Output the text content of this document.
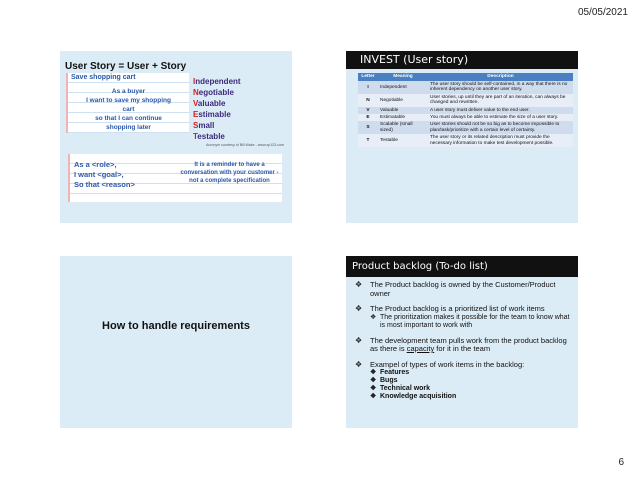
05/05/2021
User Story = User + Story
Save shopping cart
As a buyer
I want to save my shopping
cart
so that I can continue
shopping later
Independent
Negotiable
Valuable
Estimable
Small
Testable
Acronym courtesy of Bill Wake - www.xp123.com
As a <role>,
I want <goal>,
So that <reason>
It is a reminder to have a conversation with your customer - not a complete specification
INVEST (User story)
Letter	Meaning	Description
I	Independent	The user story should be self-contained, in a way that there is no inherent dependency on another user story.
N	Negotiable	User stories, up until they are part of an iteration, can always be changed and rewritten.
V	Valuable	A user story must deliver value to the end user.
E	Estimatable	You must always be able to estimate the size of a user story.
S	Scalable (small sized)	User stories should not be so big as to become impossible to plan/task/prioritize with a certain level of certainty.
T	Testable	The user story or its related description must provide the necessary information to make test development possible.
How to handle requirements
Product backlog (To-do list)
❖ The Product backlog is owned by the Customer/Product owner
❖ The Product backlog is a prioritized list of work items
❖ The prioritization makes it possible for the team to know what is most important to work with
❖ The development team pulls work from the product backlog as there is capacity for it in the team
❖ Exampel of types of work items in the backlog:
❖ Features
❖ Bugs
❖ Technical work
❖ Knowledge acquisition
6
